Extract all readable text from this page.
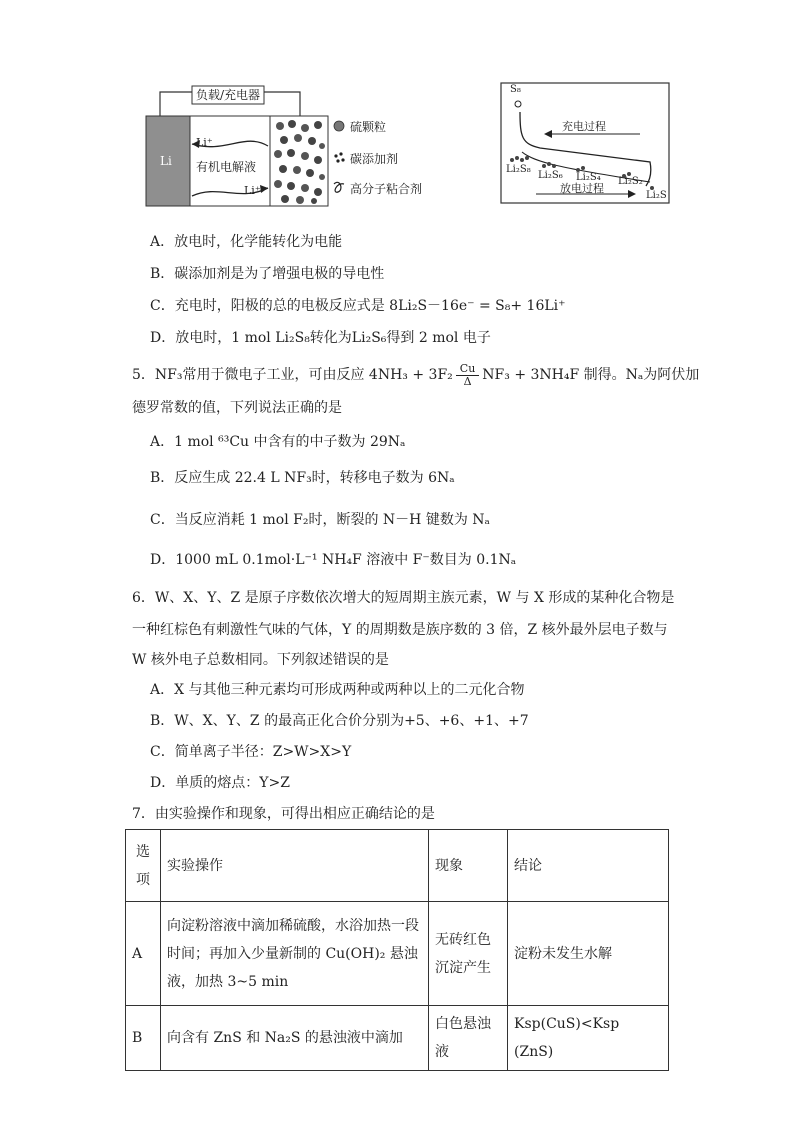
负载/充电器
Li
Li⁺
有机电解液
Li⁺
硫颗粒
碳添加剂
高分子粘合剂
S₈
充电过程
Li₂S₈
Li₂S₆ Li₂S₄ Li₂S₂
放电过程
Li₂S
A．放电时，化学能转化为电能
B．碳添加剂是为了增强电极的导电性
C．充电时，阳极的总的电极反应式是 8Li₂S－16e⁻ = S₈+ 16Li⁺
D．放电时，1 mol Li₂S₈转化为Li₂S₆得到 2 mol 电子
5．NF₃常用于微电子工业，可由反应 $4NH_3 + 3F_2 \frac{Cu}{\Delta} NF_3 + 3NH_4F$ 制得。Nₐ为阿伏加
德罗常数的值，下列说法正确的是
A．1 mol ⁶³Cu 中含有的中子数为 29Nₐ
B．反应生成 22.4 L NF₃时，转移电子数为 6Nₐ
C．当反应消耗 1 mol F₂时，断裂的 N－H 键数为 Nₐ
D．1000 mL 0.1mol·L⁻¹ NH₄F 溶液中 F⁻数目为 0.1Nₐ
6．W、X、Y、Z 是原子序数依次增大的短周期主族元素，W 与 X 形成的某种化合物是
一种红棕色有刺激性气味的气体，Y 的周期数是族序数的 3 倍，Z 核外最外层电子数与
W 核外电子总数相同。下列叙述错误的是
A．X 与其他三种元素均可形成两种或两种以上的二元化合物
B．W、X、Y、Z 的最高正化合价分别为+5、+6、+1、+7
C．简单离子半径：Z>W>X>Y
D．单质的熔点：Y>Z
7．由实验操作和现象，可得出相应正确结论的是
选项	实验操作	现象	结论
A	向淀粉溶液中滴加稀硫酸，水浴加热一段时间；再加入少量新制的 Cu(OH)₂ 悬浊液，加热 3~5 min	无砖红色沉淀产生	淀粉未发生水解
B	向含有 ZnS 和 Na₂S 的悬浊液中滴加	白色悬浊液	Ksp(CuS)<Ksp (ZnS)
